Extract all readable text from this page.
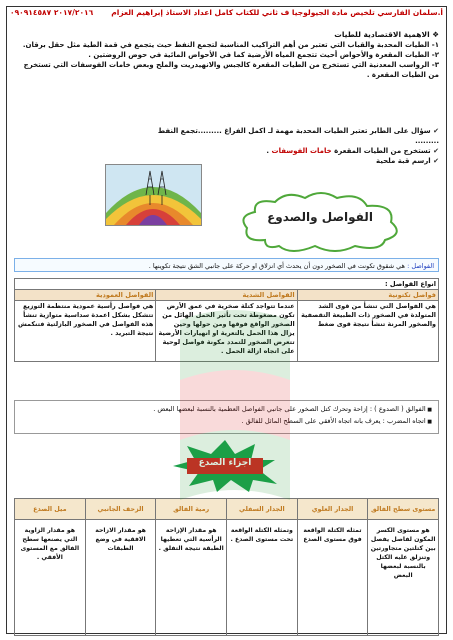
٢٠١٧/٢٠١٦ ٠٩٠٩١٤٥٨٧ أ.سلمان الفارسي تلخيص مادة الجيولوجيا ف ثاني للكتاب كامل اعداد الاستاذ إبراهيم العزام
❖ الاهمية الاقتصادية للطيات
١- الطيات المحدبة والقباب التي تعتبر من أهم التراكيب المناسبة لتجمع النفط حيث يتجمع في قمة الطية مثل حقل برقان.
٢- الطيات المقعرة والأحواض أحيث تتجمع المياه الأرضية كما في الأحواض المائية في حوض الروضتين .
٣- الرواسب المعدنية التي تستخرج من الطيات المقعرة كالجبس والانهيدريت والملح وبعض خامات الفوسفات التي تستخرج من الطيات المقعرة .
✔ سؤال على الطابر تعتبر الطيات المحدبة مهمة لـ اكمل الفراغ .........تجمع النفط .........
✔ تستخرج من الطيات المقعرة خامات الفوسفات .
✔ ارسم قبة ملحية
الفواصل والصدوع
الفواصل : هي شقوق تكونت في الصخور دون أن يحدث أي انزلاق او حركة على جانبي الشق نتيجة تكوينها .
انواع الفواصل :		
فواصل تكتونية	الفواصل الشدية	الفواصل العمودية
هي الفواصل التي تنشأ من قوى الشد المتولدة في الصخور ذات الطبيعة التقصفية والصخور المرنة تنشأ نتيجة قوى ضغط	عندما تتواجد كتلة صخرية في عمق الأرض تكون مضغوطة تحت تأثير الحمل الهائل من الصخور الواقع فوقها ومن حولها وحين يزال هذا الحمل بالتعرية او انهيارات الأرضية تتعرض الصخور للتمدد مكونة فواصل لوحية على اتجاه ازالة الحمل .	هي فواصل رأسية عمودية منتظمة التوزيع تتشكل بشكل اعمدة سداسية متوازية تنشأ هذه الفواصل في الصخور البازلتية فتنكمش نتيجة التبريد .
■ الفوالق ( الصدوع ) : إزاحة وتحرك كتل الصخور على جانبي الفواصل العظمية بالنسبة لبعضها البعض .
■ اتجاه المضرب : يعرف بانه اتجاه الأفقي على السطح المائل للفالق .
اجزاء الصدع
مستوى سطح الفالق	الجدار العلوي	الجدار السفلي	رمية الفالق	الزحف الجانبي	ميل الصدع
هو مستوى الكسر المكون لفاصل يفصل بين كتلتين متجاورتين وتنزلق عليه الكتل بالنسبة لبعضها البعض	تمثله الكتلة الواقعة فوق مستوى الصدع	وتمثله الكتلة الواقعة تحت مستوى الصدع .	هو مقدار الإزاحة الرأسية التي تعطيها الطبقة نتيجة التفلق .	هو مقدار الازاحة الافقية في وضع الطبقات	هو مقدار الزاوية التي يصنعها سطح الفالق مع المستوى الأفقي .
